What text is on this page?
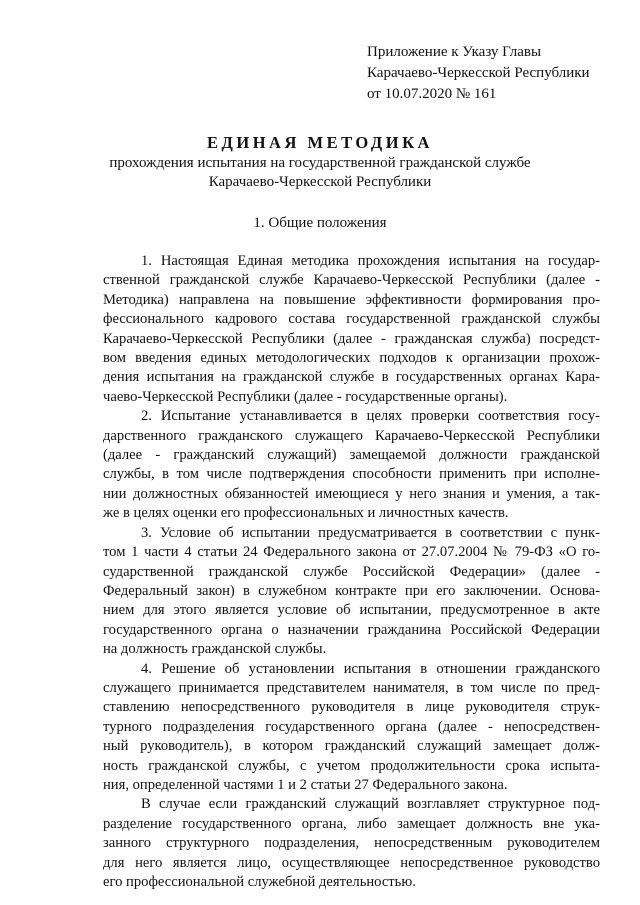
Приложение к Указу Главы
Карачаево-Черкесской Республики
от 10.07.2020 № 161
ЕДИНАЯ МЕТОДИКА
прохождения испытания на государственной гражданской службе
Карачаево-Черкесской Республики
1. Общие положения
1. Настоящая Единая методика прохождения испытания на государ-
ственной гражданской службе Карачаево-Черкесской Республики (далее -
Методика) направлена на повышение эффективности формирования про-
фессионального кадрового состава государственной гражданской службы
Карачаево-Черкесской Республики (далее - гражданская служба) посредст-
вом введения единых методологических подходов к организации прохож-
дения испытания на гражданской службе в государственных органах Кара-
чаево-Черкесской Республики (далее - государственные органы).
2. Испытание устанавливается в целях проверки соответствия госу-
дарственного гражданского служащего Карачаево-Черкесской Республики
(далее - гражданский служащий) замещаемой должности гражданской
службы, в том числе подтверждения способности применить при исполне-
нии должностных обязанностей имеющиеся у него знания и умения, а так-
же в целях оценки его профессиональных и личностных качеств.
3. Условие об испытании предусматривается в соответствии с пунк-
том 1 части 4 статьи 24 Федерального закона от 27.07.2004 № 79-ФЗ «О го-
сударственной гражданской службе Российской Федерации» (далее -
Федеральный закон) в служебном контракте при его заключении. Основа-
нием для этого является условие об испытании, предусмотренное в акте
государственного органа о назначении гражданина Российской Федерации
на должность гражданской службы.
4. Решение об установлении испытания в отношении гражданского
служащего принимается представителем нанимателя, в том числе по пред-
ставлению непосредственного руководителя в лице руководителя струк-
турного подразделения государственного органа (далее - непосредствен-
ный руководитель), в котором гражданский служащий замещает долж-
ность гражданской службы, с учетом продолжительности срока испыта-
ния, определенной частями 1 и 2 статьи 27 Федерального закона.
В случае если гражданский служащий возглавляет структурное под-
разделение государственного органа, либо замещает должность вне ука-
занного структурного подразделения, непосредственным руководителем
для него является лицо, осуществляющее непосредственное руководство
его профессиональной служебной деятельностью.
